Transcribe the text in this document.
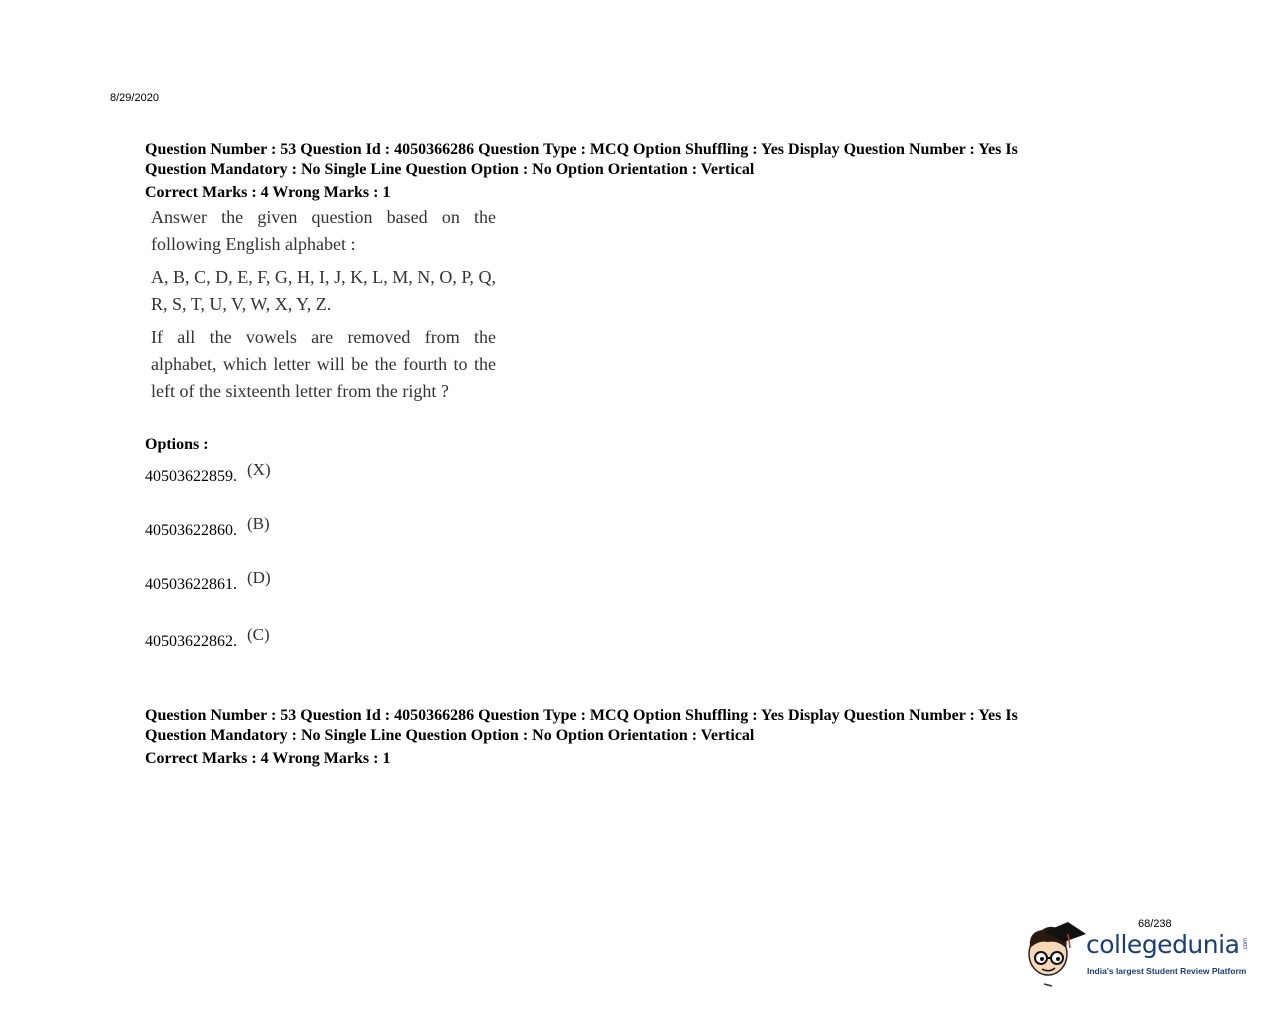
8/29/2020
Question Number : 53 Question Id : 4050366286 Question Type : MCQ Option Shuffling : Yes Display Question Number : Yes Is
Question Mandatory : No Single Line Question Option : No Option Orientation : Vertical

Correct Marks : 4 Wrong Marks : 1

Answer the given question based on the following English alphabet :

A, B, C, D, E, F, G, H, I, J, K, L, M, N, O, P, Q, R, S, T, U, V, W, X, Y, Z.

If all the vowels are removed from the alphabet, which letter will be the fourth to the left of the sixteenth letter from the right ?

Options :
40503622859. (X)
40503622860. (B)
40503622861. (D)
40503622862. (C)
Question Number : 53 Question Id : 4050366286 Question Type : MCQ Option Shuffling : Yes Display Question Number : Yes Is
Question Mandatory : No Single Line Question Option : No Option Orientation : Vertical

Correct Marks : 4 Wrong Marks : 1
68/238
collegedunia .com
India's largest Student Review Platform
